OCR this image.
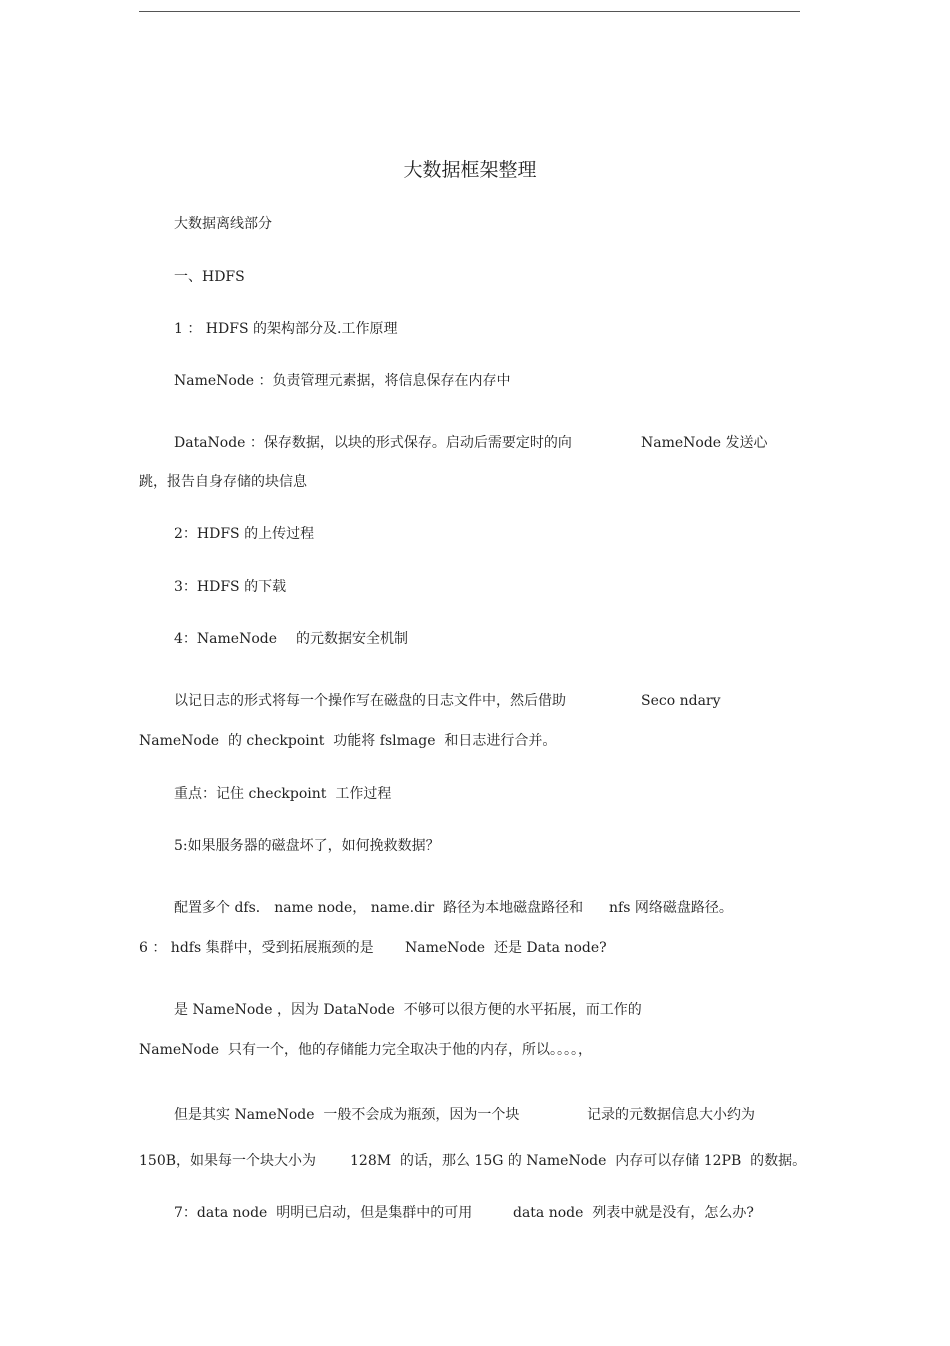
大数据框架整理
大数据离线部分
一、HDFS
1 ： HDFS 的架构部分及.工作原理
NameNode ：负责管理元素据，将信息保存在内存中
DataNode ：保存数据，以块的形式保存。启动后需要定时的向	NameNode 发送心
跳，报告自身存储的块信息
2：HDFS 的上传过程
3：HDFS 的下载
4：NameNode 的元数据安全机制
以记日志的形式将每一个操作写在磁盘的日志文件中，然后借助	Seco ndary
NameNode  的 checkpoint  功能将 fslmage  和日志进行合并。
重点：记住 checkpoint  工作过程
5:如果服务器的磁盘坏了，如何挽救数据？
配置多个 dfs． name node， name.dir  路径为本地磁盘路径和 nfs 网络磁盘路径。
6 ： hdfs 集群中，受到拓展瓶颈的是 NameNode  还是 Data node?
是 NameNode ，因为 DataNode  不够可以很方便的水平拓展，而工作的
NameNode  只有一个，他的存储能力完全取决于他的内存，所以。。。。，
但是其实 NameNode  一般不会成为瓶颈，因为一个块	记录的元数据信息大小约为
150B，如果每一个块大小为 128M  的话，那么 15G 的 NameNode  内存可以存储 12PB  的数据。
7：data node  明明已启动，但是集群中的可用	data node  列表中就是没有，怎么办?
